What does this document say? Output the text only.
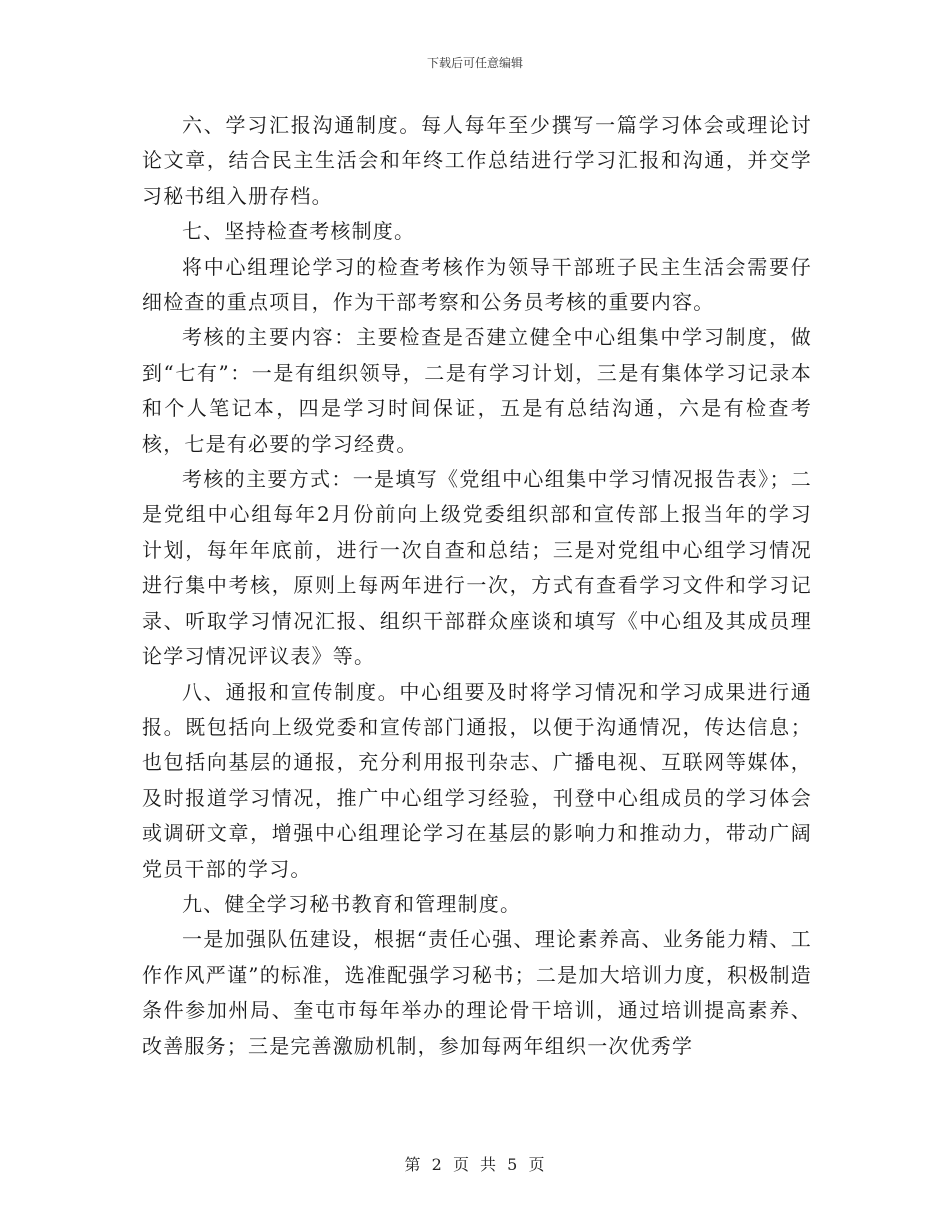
下载后可任意编辑

六、学习汇报沟通制度。每人每年至少撰写一篇学习体会或理论讨论文章，结合民主生活会和年终工作总结进行学习汇报和沟通，并交学习秘书组入册存档。

七、坚持检查考核制度。

将中心组理论学习的检查考核作为领导干部班子民主生活会需要仔细检查的重点项目，作为干部考察和公务员考核的重要内容。

考核的主要内容：主要检查是否建立健全中心组集中学习制度，做到“七有”：一是有组织领导，二是有学习计划，三是有集体学习记录本和个人笔记本，四是学习时间保证，五是有总结沟通，六是有检查考核，七是有必要的学习经费。

考核的主要方式：一是填写《党组中心组集中学习情况报告表》；二是党组中心组每年2月份前向上级党委组织部和宣传部上报当年的学习计划，每年年底前，进行一次自查和总结；三是对党组中心组学习情况进行集中考核，原则上每两年进行一次，方式有查看学习文件和学习记录、听取学习情况汇报、组织干部群众座谈和填写《中心组及其成员理论学习情况评议表》等。

八、通报和宣传制度。中心组要及时将学习情况和学习成果进行通报。既包括向上级党委和宣传部门通报，以便于沟通情况，传达信息；也包括向基层的通报，充分利用报刊杂志、广播电视、互联网等媒体，及时报道学习情况，推广中心组学习经验，刊登中心组成员的学习体会或调研文章，增强中心组理论学习在基层的影响力和推动力，带动广阔党员干部的学习。

九、健全学习秘书教育和管理制度。

一是加强队伍建设，根据“责任心强、理论素养高、业务能力精、工作作风严谨”的标准，选准配强学习秘书；二是加大培训力度，积极制造条件参加州局、奎屯市每年举办的理论骨干培训，通过培训提高素养、改善服务；三是完善激励机制，参加每两年组织一次优秀学

第 2 页 共 5 页
